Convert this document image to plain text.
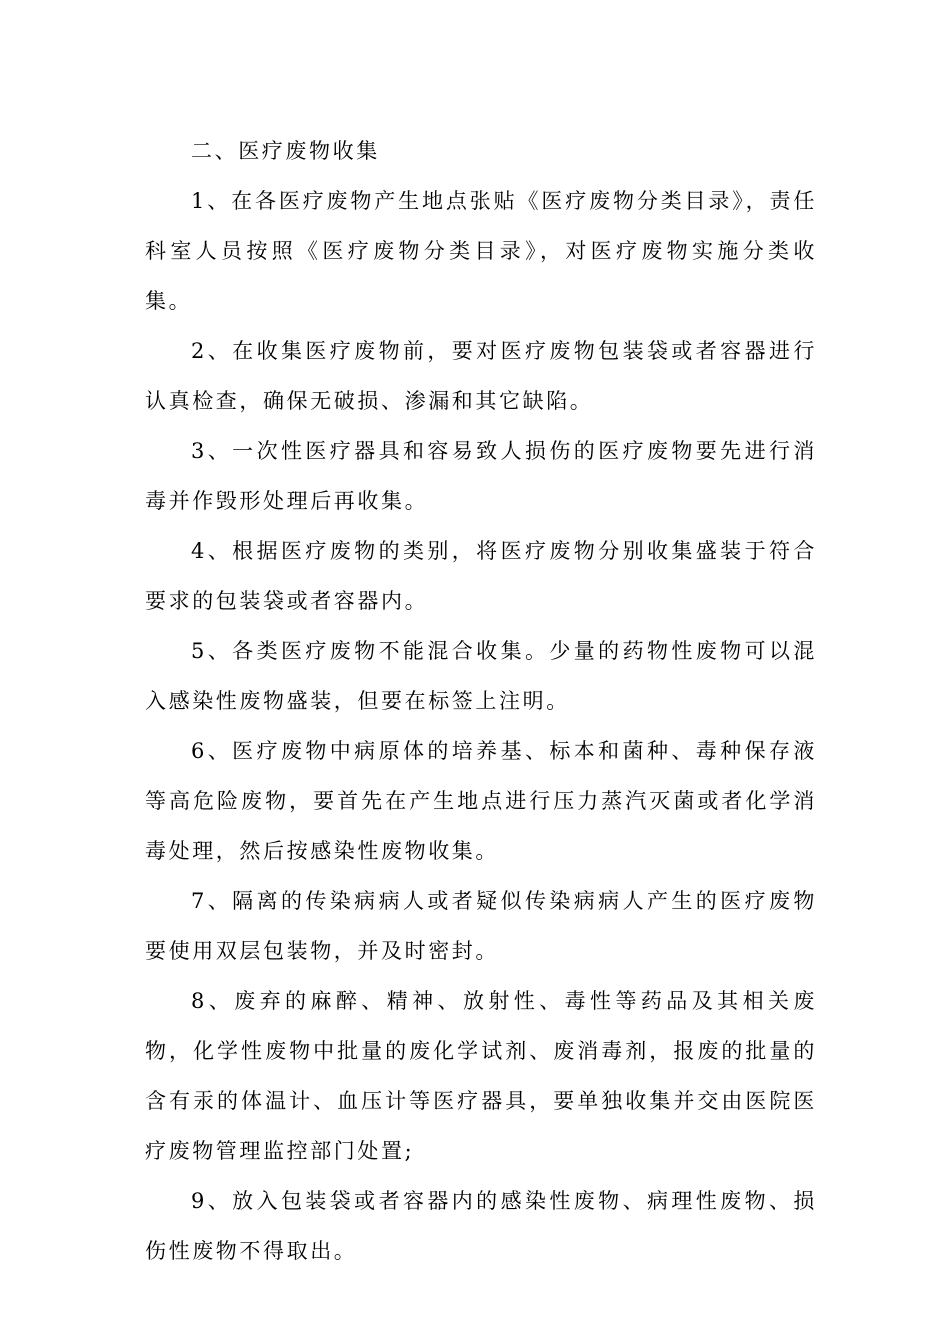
二、医疗废物收集

1、在各医疗废物产生地点张贴《医疗废物分类目录》，责任科室人员按照《医疗废物分类目录》，对医疗废物实施分类收集。

2、在收集医疗废物前，要对医疗废物包装袋或者容器进行认真检查，确保无破损、渗漏和其它缺陷。

3、一次性医疗器具和容易致人损伤的医疗废物要先进行消毒并作毁形处理后再收集。

4、根据医疗废物的类别，将医疗废物分别收集盛装于符合要求的包装袋或者容器内。

5、各类医疗废物不能混合收集。少量的药物性废物可以混入感染性废物盛装，但要在标签上注明。

6、医疗废物中病原体的培养基、标本和菌种、毒种保存液等高危险废物，要首先在产生地点进行压力蒸汽灭菌或者化学消毒处理，然后按感染性废物收集。

7、隔离的传染病病人或者疑似传染病病人产生的医疗废物要使用双层包装物，并及时密封。

8、废弃的麻醉、精神、放射性、毒性等药品及其相关废物，化学性废物中批量的废化学试剂、废消毒剂，报废的批量的含有汞的体温计、血压计等医疗器具，要单独收集并交由医院医疗废物管理监控部门处置;

9、放入包装袋或者容器内的感染性废物、病理性废物、损伤性废物不得取出。
